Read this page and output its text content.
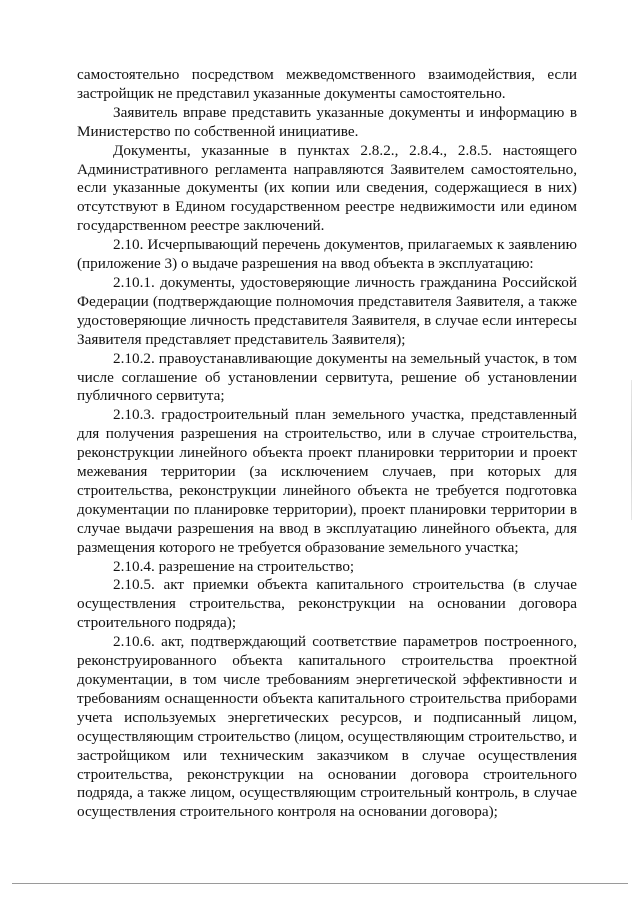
самостоятельно посредством межведомственного взаимодействия, если застройщик не представил указанные документы самостоятельно.

Заявитель вправе представить указанные документы и информацию в Министерство по собственной инициативе.

Документы, указанные в пунктах 2.8.2., 2.8.4., 2.8.5. настоящего Административного регламента направляются Заявителем самостоятельно, если указанные документы (их копии или сведения, содержащиеся в них) отсутствуют в Едином государственном реестре недвижимости или едином государственном реестре заключений.

2.10. Исчерпывающий перечень документов, прилагаемых к заявлению (приложение 3) о выдаче разрешения на ввод объекта в эксплуатацию:

2.10.1. документы, удостоверяющие личность гражданина Российской Федерации (подтверждающие полномочия представителя Заявителя, а также удостоверяющие личность представителя Заявителя, в случае если интересы Заявителя представляет представитель Заявителя);

2.10.2. правоустанавливающие документы на земельный участок, в том числе соглашение об установлении сервитута, решение об установлении публичного сервитута;

2.10.3. градостроительный план земельного участка, представленный для получения разрешения на строительство, или в случае строительства, реконструкции линейного объекта проект планировки территории и проект межевания территории (за исключением случаев, при которых для строительства, реконструкции линейного объекта не требуется подготовка документации по планировке территории), проект планировки территории в случае выдачи разрешения на ввод в эксплуатацию линейного объекта, для размещения которого не требуется образование земельного участка;

2.10.4. разрешение на строительство;

2.10.5. акт приемки объекта капитального строительства (в случае осуществления строительства, реконструкции на основании договора строительного подряда);

2.10.6. акт, подтверждающий соответствие параметров построенного, реконструированного объекта капитального строительства проектной документации, в том числе требованиям энергетической эффективности и требованиям оснащенности объекта капитального строительства приборами учета используемых энергетических ресурсов, и подписанный лицом, осуществляющим строительство (лицом, осуществляющим строительство, и застройщиком или техническим заказчиком в случае осуществления строительства, реконструкции на основании договора строительного подряда, а также лицом, осуществляющим строительный контроль, в случае осуществления строительного контроля на основании договора);
